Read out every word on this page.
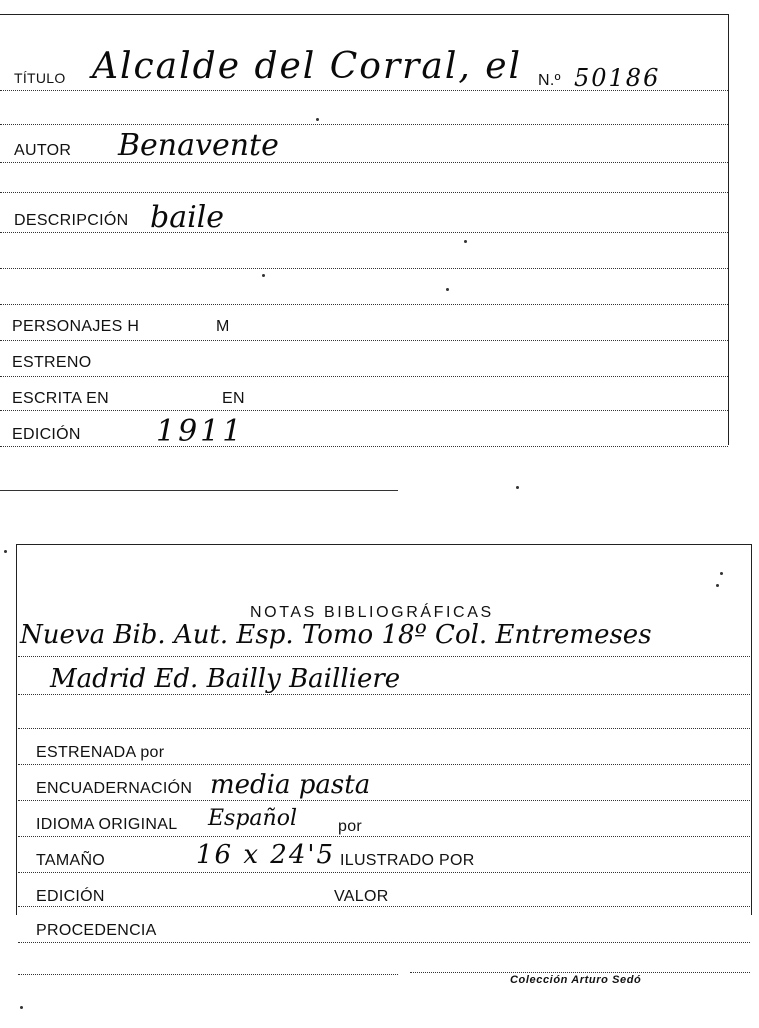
TÍTULO Alcalde del Corral, el N.º 50186
AUTOR Benavente
DESCRIPCIÓN baile
PERSONAJES H	M
ESTRENO
ESCRITA EN	EN
EDICIÓN	1911
NOTAS BIBLIOGRÁFICAS
Nueva Bib. Aut. Esp. Tomo 18º Col. Entremeses
Madrid Ed. Bailly Bailliere
ESTRENADA por
ENCUADERNACIÓN media pasta
IDIOMA ORIGINAL Español	por
TAMAÑO	16 x 24'5 ILUSTRADO POR
EDICIÓN	VALOR
PROCEDENCIA
Colección Arturo Sedó
